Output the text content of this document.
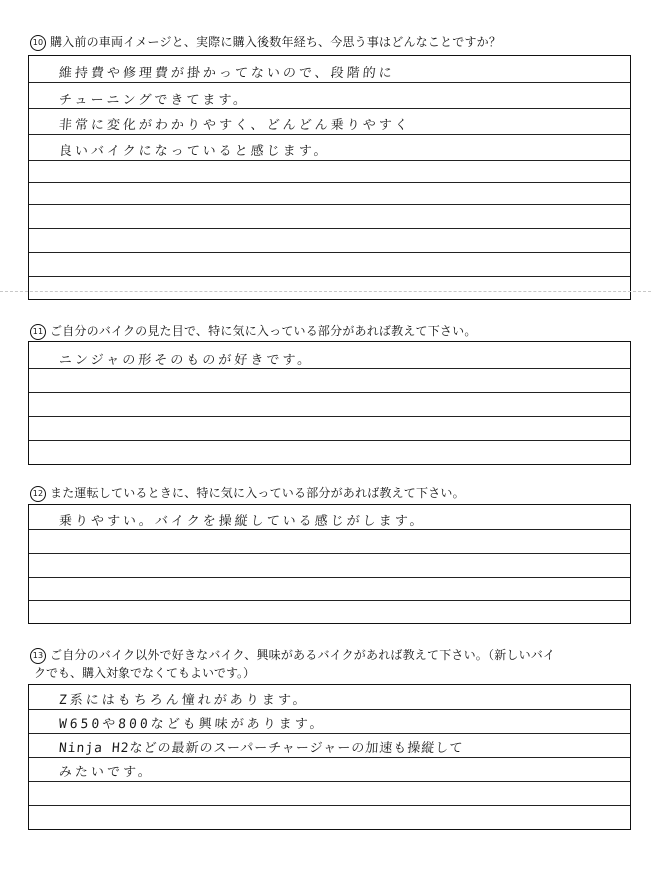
10 購入前の車両イメージと、実際に購入後数年経ち、今思う事はどんなことですか？
維持費や修理費が掛かってないので、段階的に
チューニングできてます。
非常に変化がわかりやすく、どんどん乗りやすく
良いバイクになっていると感じます。
11 ご自分のバイクの見た目で、特に気に入っている部分があれば教えて下さい。
ニンジャの形そのものが好きです。
12 また運転しているときに、特に気に入っている部分があれば教えて下さい。
乗りやすい。バイクを操縦している感じがします。
13 ご自分のバイク以外で好きなバイク、興味があるバイクがあれば教えて下さい。（新しいバイ
クでも、購入対象でなくてもよいです。）
Z系にはもちろん憧れがあります。
W650や800なども興味があります。
Ninja H2などの最新のスーパーチャージャーの加速も操縦して
みたいです。
